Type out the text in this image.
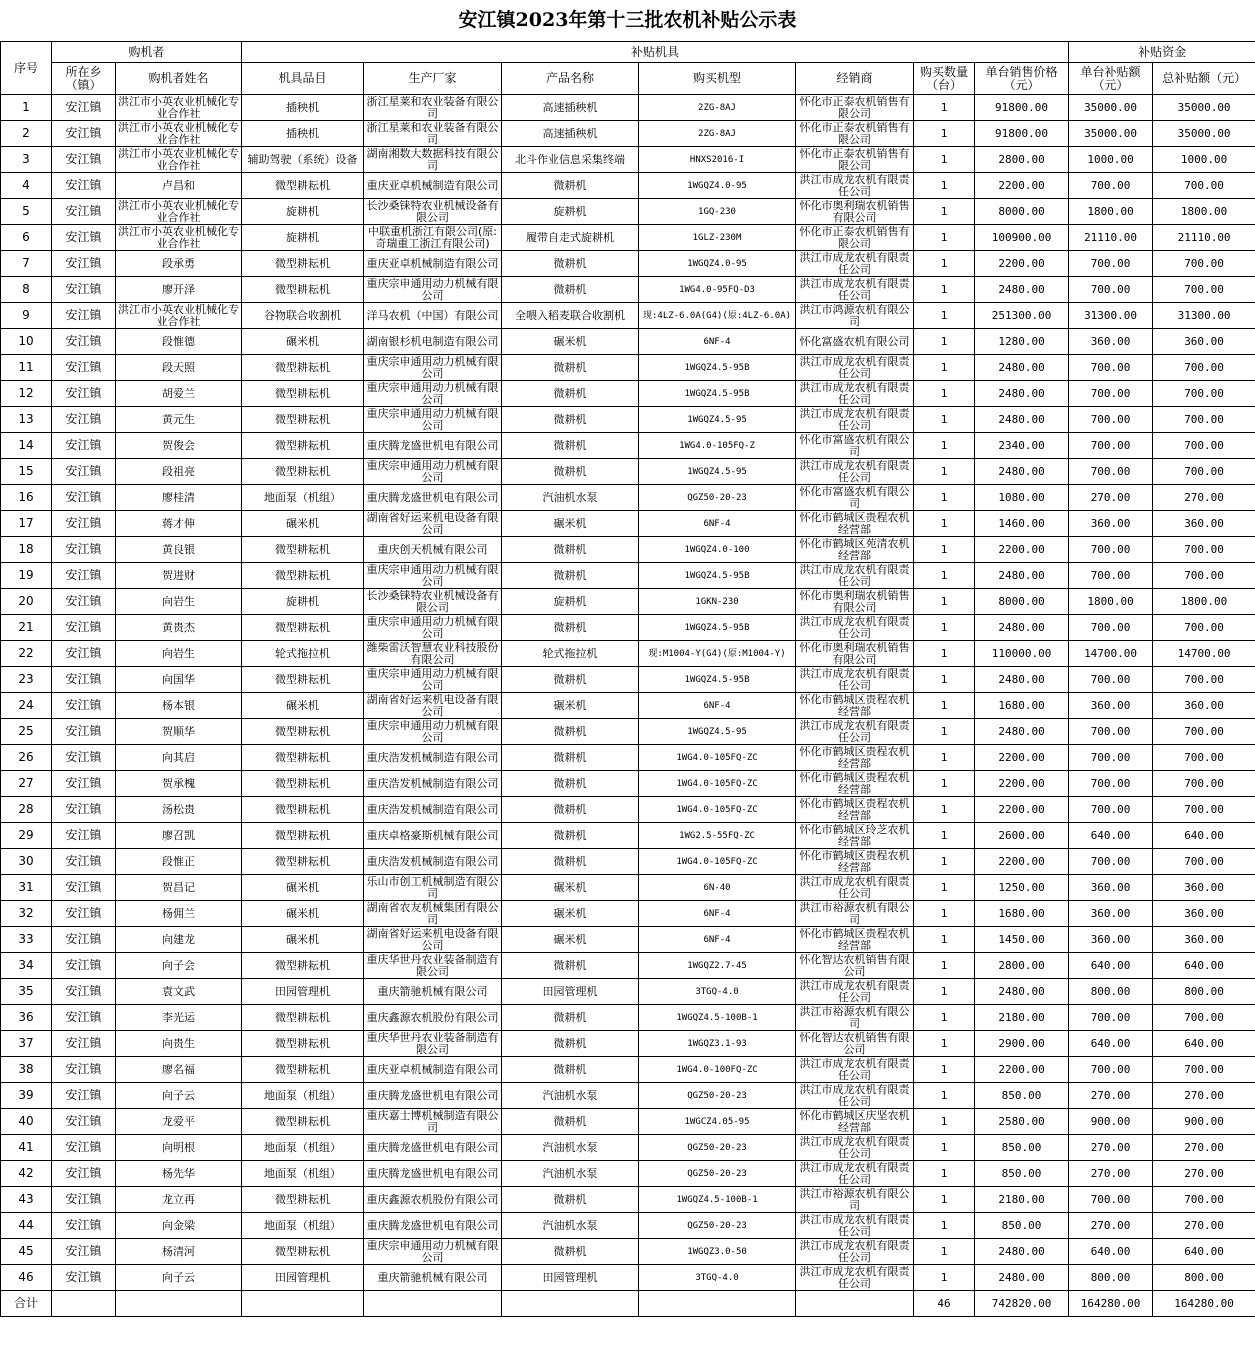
安江镇2023年第十三批农机补贴公示表
序号	购机者		补贴机具							补贴资金	
	所在乡（镇）	购机者姓名	机具品目	生产厂家	产品名称	购买机型	经销商	购买数量（台）	单台销售价格（元）	单台补贴额（元）	总补贴额（元）

1	安江镇	洪江市小英农业机械化专业合作社	插秧机	浙江星莱和农业装备有限公司	高速插秧机	2ZG-8AJ	怀化市正泰农机销售有限公司	1	91800.00	35000.00	35000.00

2	安江镇	洪江市小英农业机械化专业合作社	插秧机	浙江星莱和农业装备有限公司	高速插秧机	2ZG-8AJ	怀化市正泰农机销售有限公司	1	91800.00	35000.00	35000.00

3	安江镇	洪江市小英农业机械化专业合作社	辅助驾驶（系统）设备	湖南湘数大数据科技有限公司	北斗作业信息采集终端	HNXS2016-I	怀化市正泰农机销售有限公司	1	2800.00	1000.00	1000.00

4	安江镇	卢昌和	微型耕耘机	重庆亚卓机械制造有限公司	微耕机	1WGQZ4.0-95	洪江市成龙农机有限责任公司	1	2200.00	700.00	700.00

5	安江镇	洪江市小英农业机械化专业合作社	旋耕机	长沙桑铼特农业机械设备有限公司	旋耕机	1GQ-230	怀化市奥利瑞农机销售有限公司	1	8000.00	1800.00	1800.00

6	安江镇	洪江市小英农业机械化专业合作社	旋耕机	中联重机浙江有限公司(原:奇瑞重工浙江有限公司)	履带自走式旋耕机	1GLZ-230M	怀化市正泰农机销售有限公司	1	100900.00	21110.00	21110.00

7	安江镇	段承勇	微型耕耘机	重庆亚卓机械制造有限公司	微耕机	1WGQZ4.0-95	洪江市成龙农机有限责任公司	1	2200.00	700.00	700.00

8	安江镇	廖开泽	微型耕耘机	重庆宗申通用动力机械有限公司	微耕机	1WG4.0-95FQ-D3	洪江市成龙农机有限责任公司	1	2480.00	700.00	700.00

9	安江镇	洪江市小英农业机械化专业合作社	谷物联合收割机	洋马农机（中国）有限公司	全喂入稻麦联合收割机	现:4LZ-6.0A(G4)(原:4LZ-6.0A)	洪江市鸿源农机有限公司	1	251300.00	31300.00	31300.00

10	安江镇	段惟德	碾米机	湖南银杉机电制造有限公司	碾米机	6NF-4	怀化富盛农机有限公司	1	1280.00	360.00	360.00

11	安江镇	段天照	微型耕耘机	重庆宗申通用动力机械有限公司	微耕机	1WGQZ4.5-95B	洪江市成龙农机有限责任公司	1	2480.00	700.00	700.00

12	安江镇	胡爱兰	微型耕耘机	重庆宗申通用动力机械有限公司	微耕机	1WGQZ4.5-95B	洪江市成龙农机有限责任公司	1	2480.00	700.00	700.00

13	安江镇	黄元生	微型耕耘机	重庆宗申通用动力机械有限公司	微耕机	1WGQZ4.5-95	洪江市成龙农机有限责任公司	1	2480.00	700.00	700.00

14	安江镇	贺俊会	微型耕耘机	重庆腾龙盛世机电有限公司	微耕机	1WG4.0-105FQ-Z	怀化市富盛农机有限公司	1	2340.00	700.00	700.00

15	安江镇	段祖亮	微型耕耘机	重庆宗申通用动力机械有限公司	微耕机	1WGQZ4.5-95	洪江市成龙农机有限责任公司	1	2480.00	700.00	700.00

16	安江镇	廖桂清	地面泵（机组）	重庆腾龙盛世机电有限公司	汽油机水泵	QGZ50-20-23	怀化市富盛农机有限公司	1	1080.00	270.00	270.00

17	安江镇	蒋才伸	碾米机	湖南省好运来机电设备有限公司	碾米机	6NF-4	怀化市鹤城区贵程农机经营部	1	1460.00	360.00	360.00

18	安江镇	黄良银	微型耕耘机	重庆创天机械有限公司	微耕机	1WGQZ4.0-100	怀化市鹤城区苑清农机经营部	1	2200.00	700.00	700.00

19	安江镇	贺进财	微型耕耘机	重庆宗申通用动力机械有限公司	微耕机	1WGQZ4.5-95B	洪江市成龙农机有限责任公司	1	2480.00	700.00	700.00

20	安江镇	向岩生	旋耕机	长沙桑铼特农业机械设备有限公司	旋耕机	1GKN-230	怀化市奥利瑞农机销售有限公司	1	8000.00	1800.00	1800.00

21	安江镇	黄贵杰	微型耕耘机	重庆宗申通用动力机械有限公司	微耕机	1WGQZ4.5-95B	洪江市成龙农机有限责任公司	1	2480.00	700.00	700.00

22	安江镇	向岩生	轮式拖拉机	潍柴雷沃智慧农业科技股份有限公司	轮式拖拉机	现:M1004-Y(G4)(原:M1004-Y)	怀化市奥利瑞农机销售有限公司	1	110000.00	14700.00	14700.00

23	安江镇	向国华	微型耕耘机	重庆宗申通用动力机械有限公司	微耕机	1WGQZ4.5-95B	洪江市成龙农机有限责任公司	1	2480.00	700.00	700.00

24	安江镇	杨本银	碾米机	湖南省好运来机电设备有限公司	碾米机	6NF-4	怀化市鹤城区贵程农机经营部	1	1680.00	360.00	360.00

25	安江镇	贺顺华	微型耕耘机	重庆宗申通用动力机械有限公司	微耕机	1WGQZ4.5-95	洪江市成龙农机有限责任公司	1	2480.00	700.00	700.00

26	安江镇	向其启	微型耕耘机	重庆浩发机械制造有限公司	微耕机	1WG4.0-105FQ-ZC	怀化市鹤城区贵程农机经营部	1	2200.00	700.00	700.00

27	安江镇	贺承槐	微型耕耘机	重庆浩发机械制造有限公司	微耕机	1WG4.0-105FQ-ZC	怀化市鹤城区贵程农机经营部	1	2200.00	700.00	700.00

28	安江镇	汤松贵	微型耕耘机	重庆浩发机械制造有限公司	微耕机	1WG4.0-105FQ-ZC	怀化市鹤城区贵程农机经营部	1	2200.00	700.00	700.00

29	安江镇	廖召凯	微型耕耘机	重庆卓格豪斯机械有限公司	微耕机	1WG2.5-55FQ-ZC	怀化市鹤城区玲芝农机经营部	1	2600.00	640.00	640.00

30	安江镇	段惟正	微型耕耘机	重庆浩发机械制造有限公司	微耕机	1WG4.0-105FQ-ZC	怀化市鹤城区贵程农机经营部	1	2200.00	700.00	700.00

31	安江镇	贺昌记	碾米机	乐山市创工机械制造有限公司	碾米机	6N-40	洪江市成龙农机有限责任公司	1	1250.00	360.00	360.00

32	安江镇	杨佣兰	碾米机	湖南省农友机械集团有限公司	碾米机	6NF-4	洪江市裕源农机有限公司	1	1680.00	360.00	360.00

33	安江镇	向建龙	碾米机	湖南省好运来机电设备有限公司	碾米机	6NF-4	怀化市鹤城区贵程农机经营部	1	1450.00	360.00	360.00

34	安江镇	向子会	微型耕耘机	重庆华世丹农业装备制造有限公司	微耕机	1WGQZ2.7-45	怀化智达农机销售有限公司	1	2800.00	640.00	640.00

35	安江镇	袁文武	田园管理机	重庆箭驰机械有限公司	田园管理机	3TGQ-4.0	洪江市成龙农机有限责任公司	1	2480.00	800.00	800.00

36	安江镇	李光运	微型耕耘机	重庆鑫源农机股份有限公司	微耕机	1WGQZ4.5-100B-1	洪江市裕源农机有限公司	1	2180.00	700.00	700.00

37	安江镇	向贵生	微型耕耘机	重庆华世丹农业装备制造有限公司	微耕机	1WGQZ3.1-93	怀化智达农机销售有限公司	1	2900.00	640.00	640.00

38	安江镇	廖名福	微型耕耘机	重庆亚卓机械制造有限公司	微耕机	1WG4.0-100FQ-ZC	洪江市成龙农机有限责任公司	1	2200.00	700.00	700.00

39	安江镇	向子云	地面泵（机组）	重庆腾龙盛世机电有限公司	汽油机水泵	QGZ50-20-23	洪江市成龙农机有限责任公司	1	850.00	270.00	270.00

40	安江镇	龙爱平	微型耕耘机	重庆嘉士博机械制造有限公司	微耕机	1WGCZ4.05-95	怀化市鹤城区庆坚农机经营部	1	2580.00	900.00	900.00

41	安江镇	向明根	地面泵（机组）	重庆腾龙盛世机电有限公司	汽油机水泵	QGZ50-20-23	洪江市成龙农机有限责任公司	1	850.00	270.00	270.00

42	安江镇	杨先华	地面泵（机组）	重庆腾龙盛世机电有限公司	汽油机水泵	QGZ50-20-23	洪江市成龙农机有限责任公司	1	850.00	270.00	270.00

43	安江镇	龙立再	微型耕耘机	重庆鑫源农机股份有限公司	微耕机	1WGQZ4.5-100B-1	洪江市裕源农机有限公司	1	2180.00	700.00	700.00

44	安江镇	向金梁	地面泵（机组）	重庆腾龙盛世机电有限公司	汽油机水泵	QGZ50-20-23	洪江市成龙农机有限责任公司	1	850.00	270.00	270.00

45	安江镇	杨清河	微型耕耘机	重庆宗申通用动力机械有限公司	微耕机	1WGQZ3.0-50	洪江市成龙农机有限责任公司	1	2480.00	640.00	640.00

46	安江镇	向子云	田园管理机	重庆箭驰机械有限公司	田园管理机	3TGQ-4.0	洪江市成龙农机有限责任公司	1	2480.00	800.00	800.00

合计								46	742820.00	164280.00	164280.00
